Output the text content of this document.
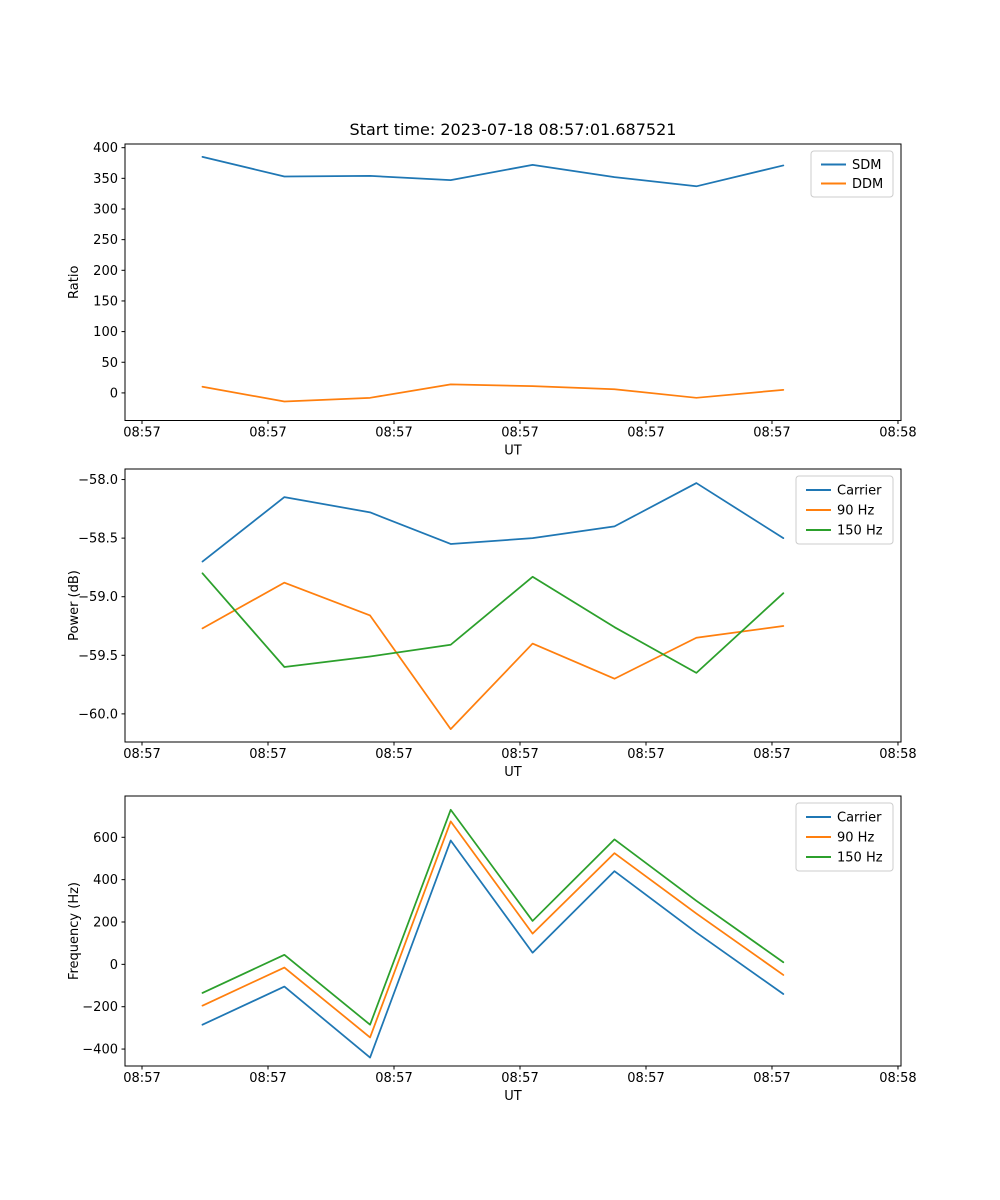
Start time: 2023-07-18 08:57:01.687521
08:57	08:57	08:57	08:57	08:57	08:57	08:58
0
50
100
150
200
250
300
350
400
UT
Ratio
SDM
DDM
08:57	08:57	08:57	08:57	08:57	08:57	08:58
−58.0
−58.5
−59.0
−59.5
−60.0
UT
Power (dB)
Carrier
90 Hz
150 Hz
08:57	08:57	08:57	08:57	08:57	08:57	08:58
−400
−200
0
200
400
600
UT
Frequency (Hz)
Carrier
90 Hz
150 Hz
